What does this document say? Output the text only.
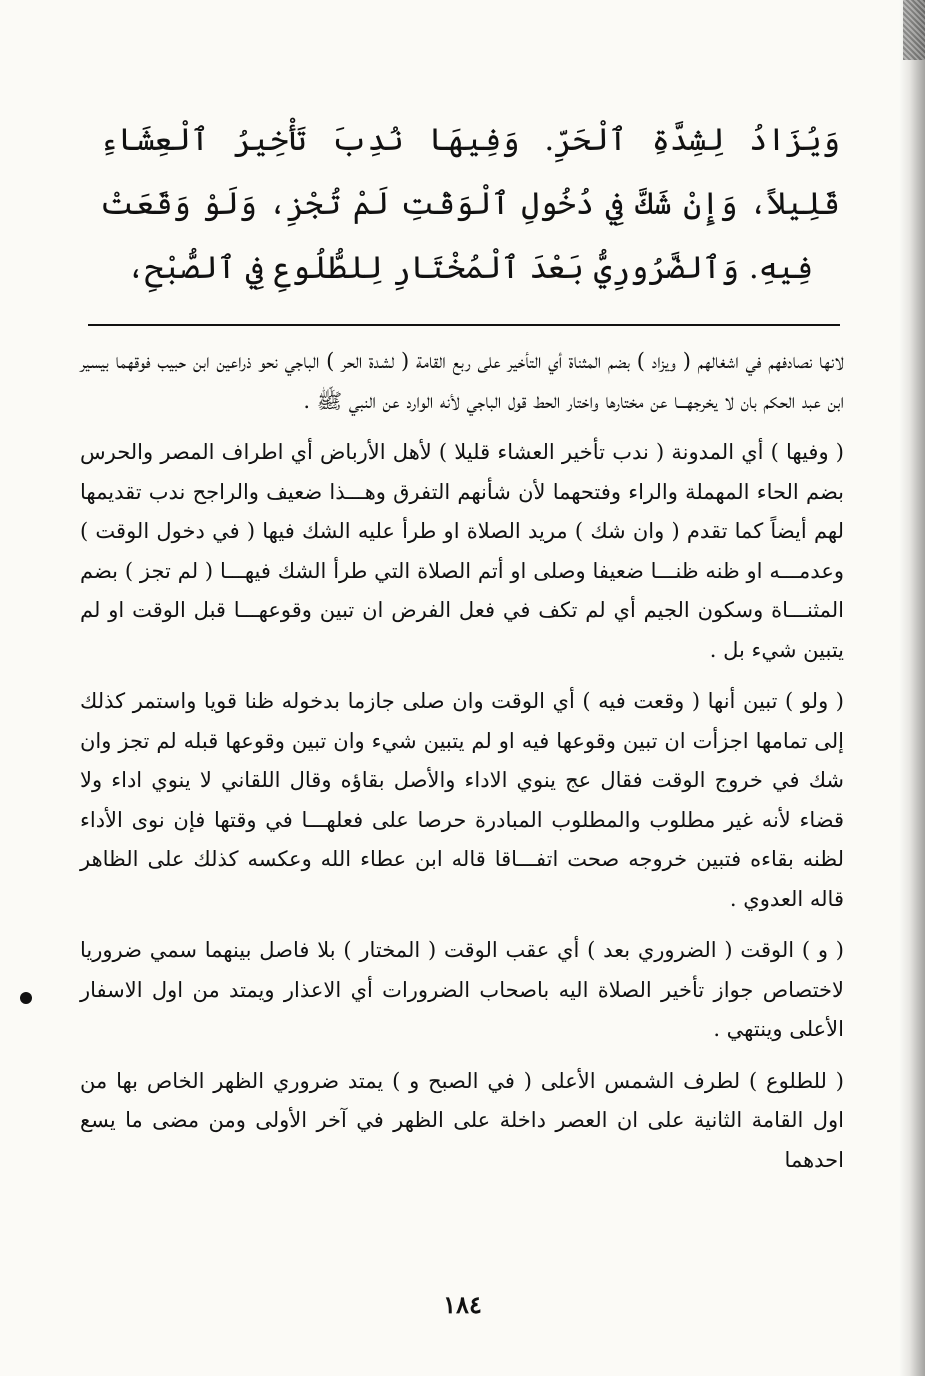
وَيُزَادُ لِشِدَّةِ ٱلْحَرِّ. وَفِيهَا نُدِبَ تَأْخِيرُ ٱلْعِشَاءِ قَلِيلاً، وَإِنْ شَكَّ فِي دُخُولِ ٱلْوَقْتِ لَمْ تُجْزِ، وَلَوْ وَقَعَتْ فِيهِ. وَٱلضَّرُورِيُّ بَعْدَ ٱلْمُخْتَارِ لِلطُّلُوعِ فِي ٱلصُّبْحِ،

لانها نصادفهم في اشغالهم ( ويزاد ) بضم المثناة أي التأخير على ربع القامة ( لشدة الحر ) الباجي نحو ذراعين ابن حبيب فوقهما بيسير ابن عبد الحكم بان لا يخرجهـــا عن مختارها واختار الحط قول الباجي لأنه الوارد عن النبي ﷺ .

( وفيها ) أي المدونة ( ندب تأخير العشاء قليلا ) لأهل الأرباض أي اطراف المصر والحرس بضم الحاء المهملة والراء وفتحهما لأن شأنهم التفرق وهـــذا ضعيف والراجح ندب تقديمها لهم أيضاً كما تقدم ( وان شك ) مريد الصلاة او طرأ عليه الشك فيها ( في دخول الوقت ) وعدمـــه او ظنه ظنـــا ضعيفا وصلى او أتم الصلاة التي طرأ الشك فيهـــا ( لم تجز ) بضم المثنـــاة وسكون الجيم أي لم تكف في فعل الفرض ان تبين وقوعهـــا قبل الوقت او لم يتبين شيء بل .

( ولو ) تبين أنها ( وقعت فيه ) أي الوقت وان صلى جازما بدخوله ظنا قويا واستمر كذلك إلى تمامها اجزأت ان تبين وقوعها فيه او لم يتبين شيء وان تبين وقوعها قبله لم تجز وان شك في خروج الوقت فقال عج ينوي الاداء والأصل بقاؤه وقال اللقاني لا ينوي اداء ولا قضاء لأنه غير مطلوب والمطلوب المبادرة حرصا على فعلهـــا في وقتها فإن نوى الأداء لظنه بقاءه فتبين خروجه صحت اتفـــاقا قاله ابن عطاء الله وعكسه كذلك على الظاهر قاله العدوي .

( و ) الوقت ( الضروري بعد ) أي عقب الوقت ( المختار ) بلا فاصل بينهما سمي ضروريا لاختصاص جواز تأخير الصلاة اليه باصحاب الضرورات أي الاعذار ويمتد من اول الاسفار الأعلى وينتهي .

( للطلوع ) لطرف الشمس الأعلى ( في الصبح و ) يمتد ضروري الظهر الخاص بها من اول القامة الثانية على ان العصر داخلة على الظهر في آخر الأولى ومن مضى ما يسع احدهما

١٨٤
